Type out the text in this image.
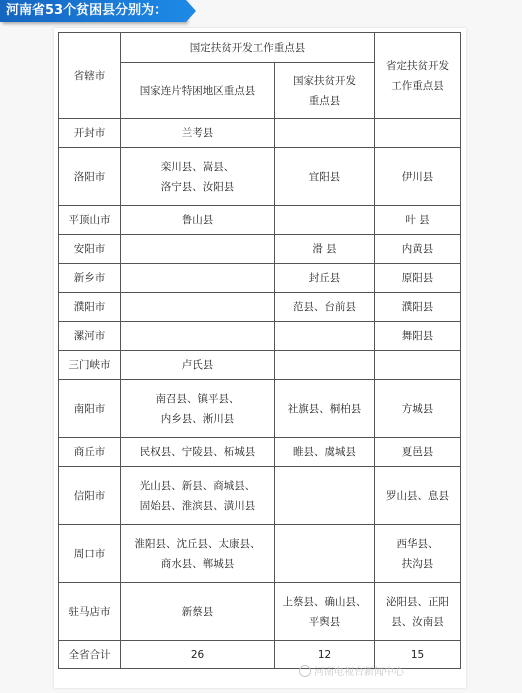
河南省53个贫困县分别为：
省辖市	国定扶贫开发工作重点县		省定扶贫开发
工作重点县
	国家连片特困地区重点县	国家扶贫开发
重点县	
开封市	兰考县		
洛阳市	栾川县、嵩县、
洛宁县、汝阳县	宜阳县	伊川县
平顶山市	鲁山县		叶 县
安阳市		滑 县	内黄县
新乡市		封丘县	原阳县
濮阳市		范县、台前县	濮阳县
漯河市			舞阳县
三门峡市	卢氏县		
南阳市	南召县、镇平县、
内乡县、淅川县	社旗县、桐柏县	方城县
商丘市	民权县、宁陵县、柘城县	睢县、虞城县	夏邑县
信阳市	光山县、新县、商城县、
固始县、淮滨县、潢川县		罗山县、息县
周口市	淮阳县、沈丘县、太康县、
商水县、郸城县		西华县、
扶沟县
驻马店市	新蔡县	上蔡县、确山县、
平舆县	泌阳县、正阳
县、汝南县
全省合计	26	12	15
河南电视台新闻中心
